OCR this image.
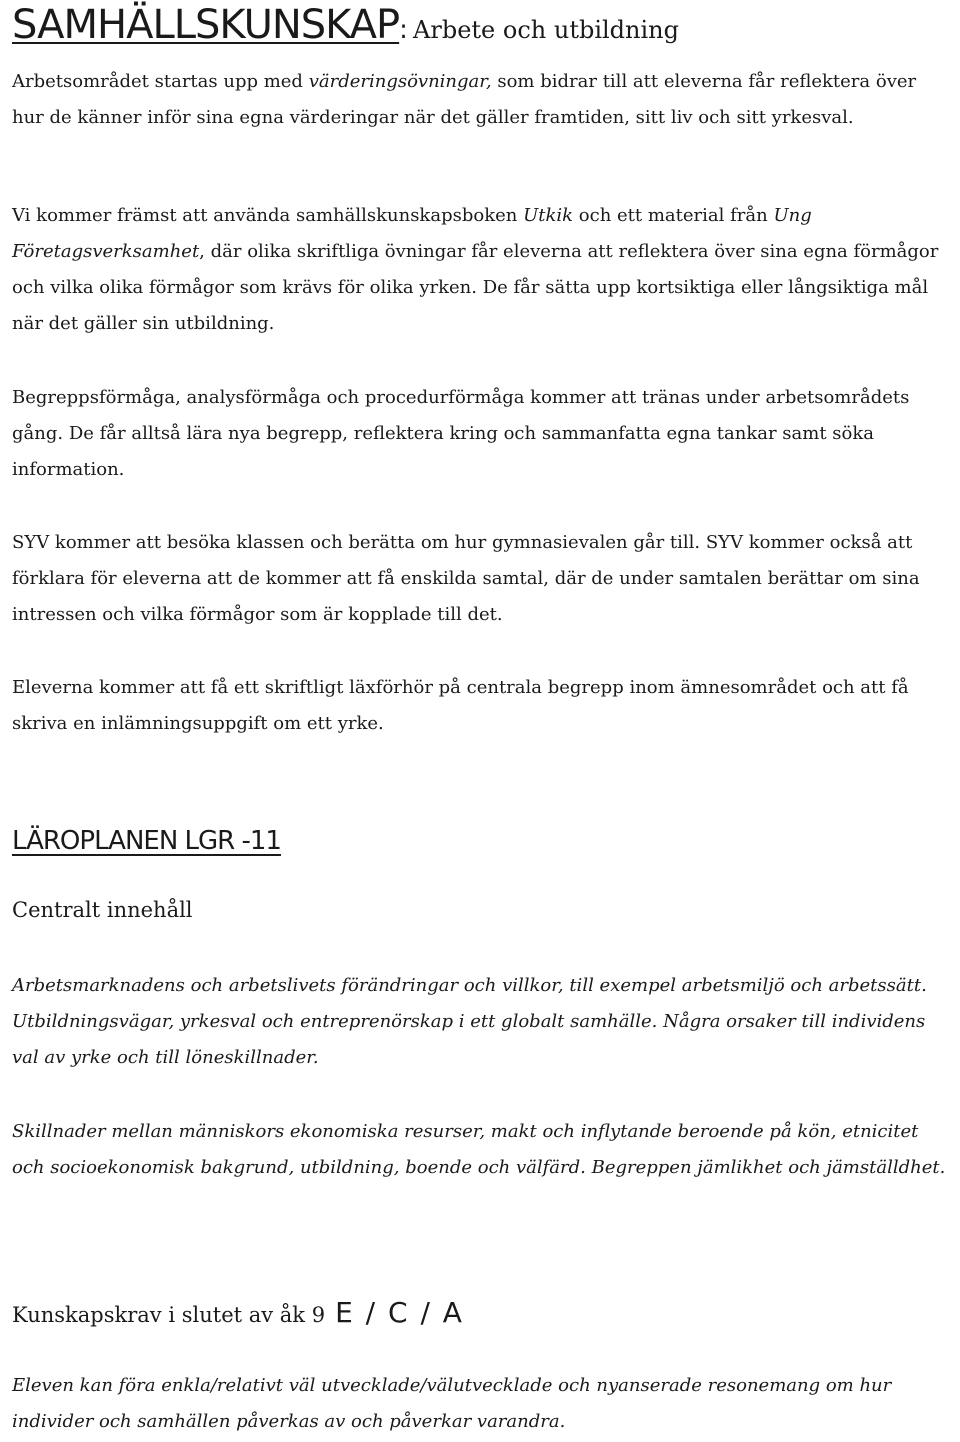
SAMHÄLLSKUNSKAP: Arbete och utbildning

Arbetsområdet startas upp med värderingsövningar, som bidrar till att eleverna får reflektera över hur de känner inför sina egna värderingar när det gäller framtiden, sitt liv och sitt yrkesval.

Vi kommer främst att använda samhällskunskapsboken Utkik och ett material från Ung Företagsverksamhet, där olika skriftliga övningar får eleverna att reflektera över sina egna förmågor och vilka olika förmågor som krävs för olika yrken. De får sätta upp kortsiktiga eller långsiktiga mål när det gäller sin utbildning.

Begreppsförmåga, analysförmåga och procedurförmåga kommer att tränas under arbetsområdets gång. De får alltså lära nya begrepp, reflektera kring och sammanfatta egna tankar samt söka information.

SYV kommer att besöka klassen och berätta om hur gymnasievalen går till. SYV kommer också att förklara för eleverna att de kommer att få enskilda samtal, där de under samtalen berättar om sina intressen och vilka förmågor som är kopplade till det.

Eleverna kommer att få ett skriftligt läxförhör på centrala begrepp inom ämnesområdet och att få skriva en inlämningsuppgift om ett yrke.

LÄROPLANEN LGR -11
Centralt innehåll

Arbetsmarknadens och arbetslivets förändringar och villkor, till exempel arbetsmiljö och arbetssätt. Utbildningsvägar, yrkesval och entreprenörskap i ett globalt samhälle. Några orsaker till individens val av yrke och till löneskillnader.

Skillnader mellan människors ekonomiska resurser, makt och inflytande beroende på kön, etnicitet och socioekonomisk bakgrund, utbildning, boende och välfärd. Begreppen jämlikhet och jämställdhet.

Kunskapskrav i slutet av åk 9 E / C / A

Eleven kan föra enkla/relativt väl utvecklade/välutvecklade och nyanserade resonemang om hur individer och samhällen påverkas av och påverkar varandra.
